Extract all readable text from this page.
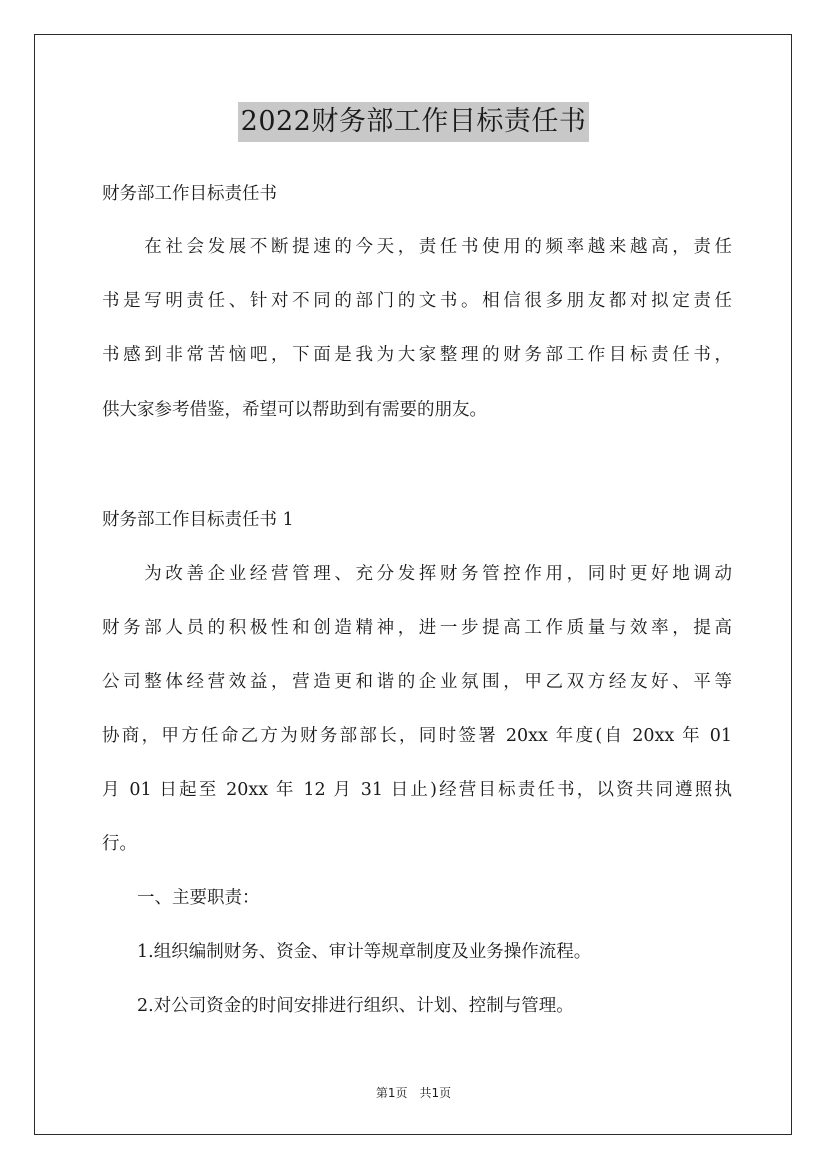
2022财务部工作目标责任书
财务部工作目标责任书
　　在社会发展不断提速的今天，责任书使用的频率越来越高，责任
书是写明责任、针对不同的部门的文书。相信很多朋友都对拟定责任
书感到非常苦恼吧，下面是我为大家整理的财务部工作目标责任书，
供大家参考借鉴，希望可以帮助到有需要的朋友。
财务部工作目标责任书 1
　　为改善企业经营管理、充分发挥财务管控作用，同时更好地调动
财务部人员的积极性和创造精神，进一步提高工作质量与效率，提高
公司整体经营效益，营造更和谐的企业氛围，甲乙双方经友好、平等
协商，甲方任命乙方为财务部部长，同时签署 20xx 年度(自 20xx 年 01
月 01 日起至 20xx 年 12 月 31 日止)经营目标责任书，以资共同遵照执
行。
　　一、主要职责：
　　1.组织编制财务、资金、审计等规章制度及业务操作流程。
　　2.对公司资金的时间安排进行组织、计划、控制与管理。
第1页　共1页
